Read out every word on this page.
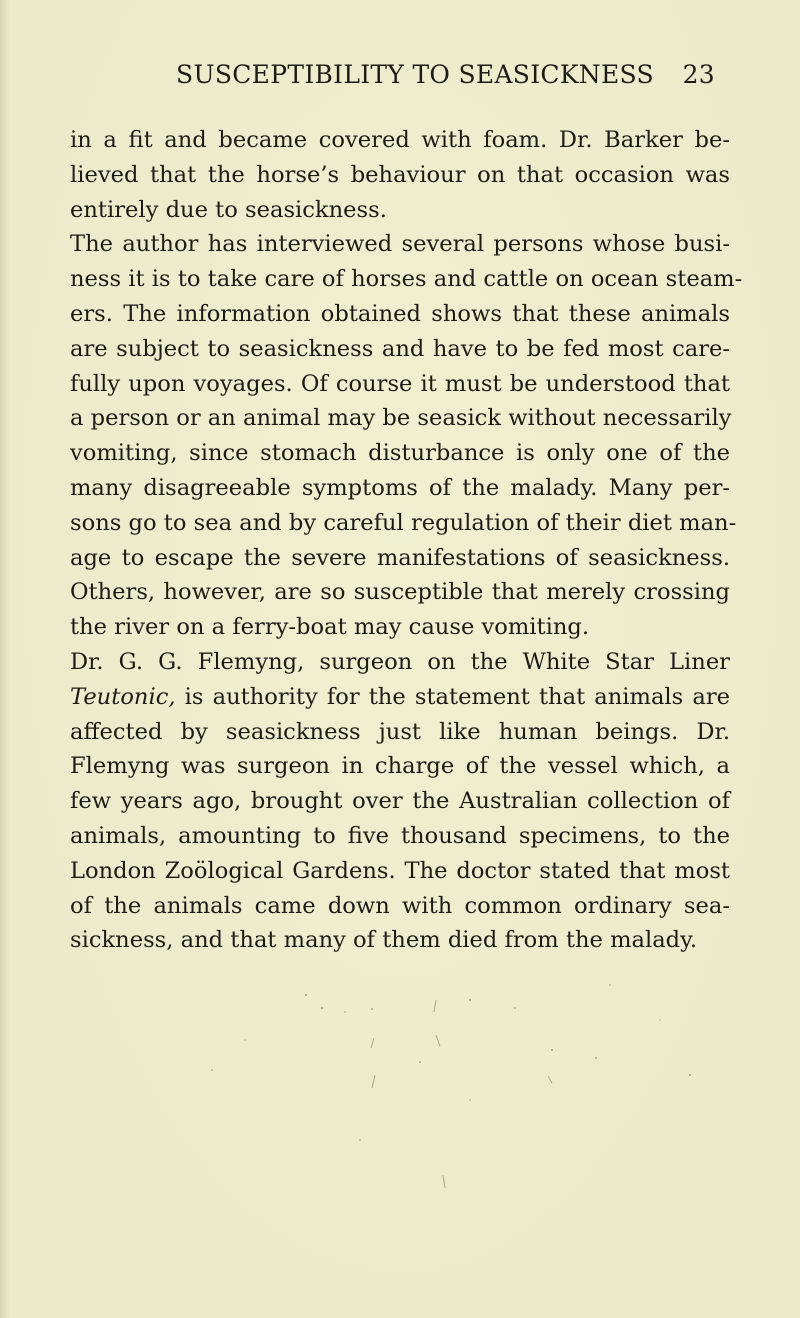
SUSCEPTIBILITY TO SEASICKNESS	23
in a fit and became covered with foam. Dr. Barker be-
lieved that the horse’s behaviour on that occasion was
entirely due to seasickness.
The author has interviewed several persons whose busi-
ness it is to take care of horses and cattle on ocean steam-
ers. The information obtained shows that these animals
are subject to seasickness and have to be fed most care-
fully upon voyages. Of course it must be understood that
a person or an animal may be seasick without necessarily
vomiting, since stomach disturbance is only one of the
many disagreeable symptoms of the malady. Many per-
sons go to sea and by careful regulation of their diet man-
age to escape the severe manifestations of seasickness.
Others, however, are so susceptible that merely crossing
the river on a ferry-boat may cause vomiting.
Dr. G. G. Flemyng, surgeon on the White Star Liner
Teutonic, is authority for the statement that animals are
affected by seasickness just like human beings. Dr.
Flemyng was surgeon in charge of the vessel which, a
few years ago, brought over the Australian collection of
animals, amounting to five thousand specimens, to the
London Zoölogical Gardens. The doctor stated that most
of the animals came down with common ordinary sea-
sickness, and that many of them died from the malady.
